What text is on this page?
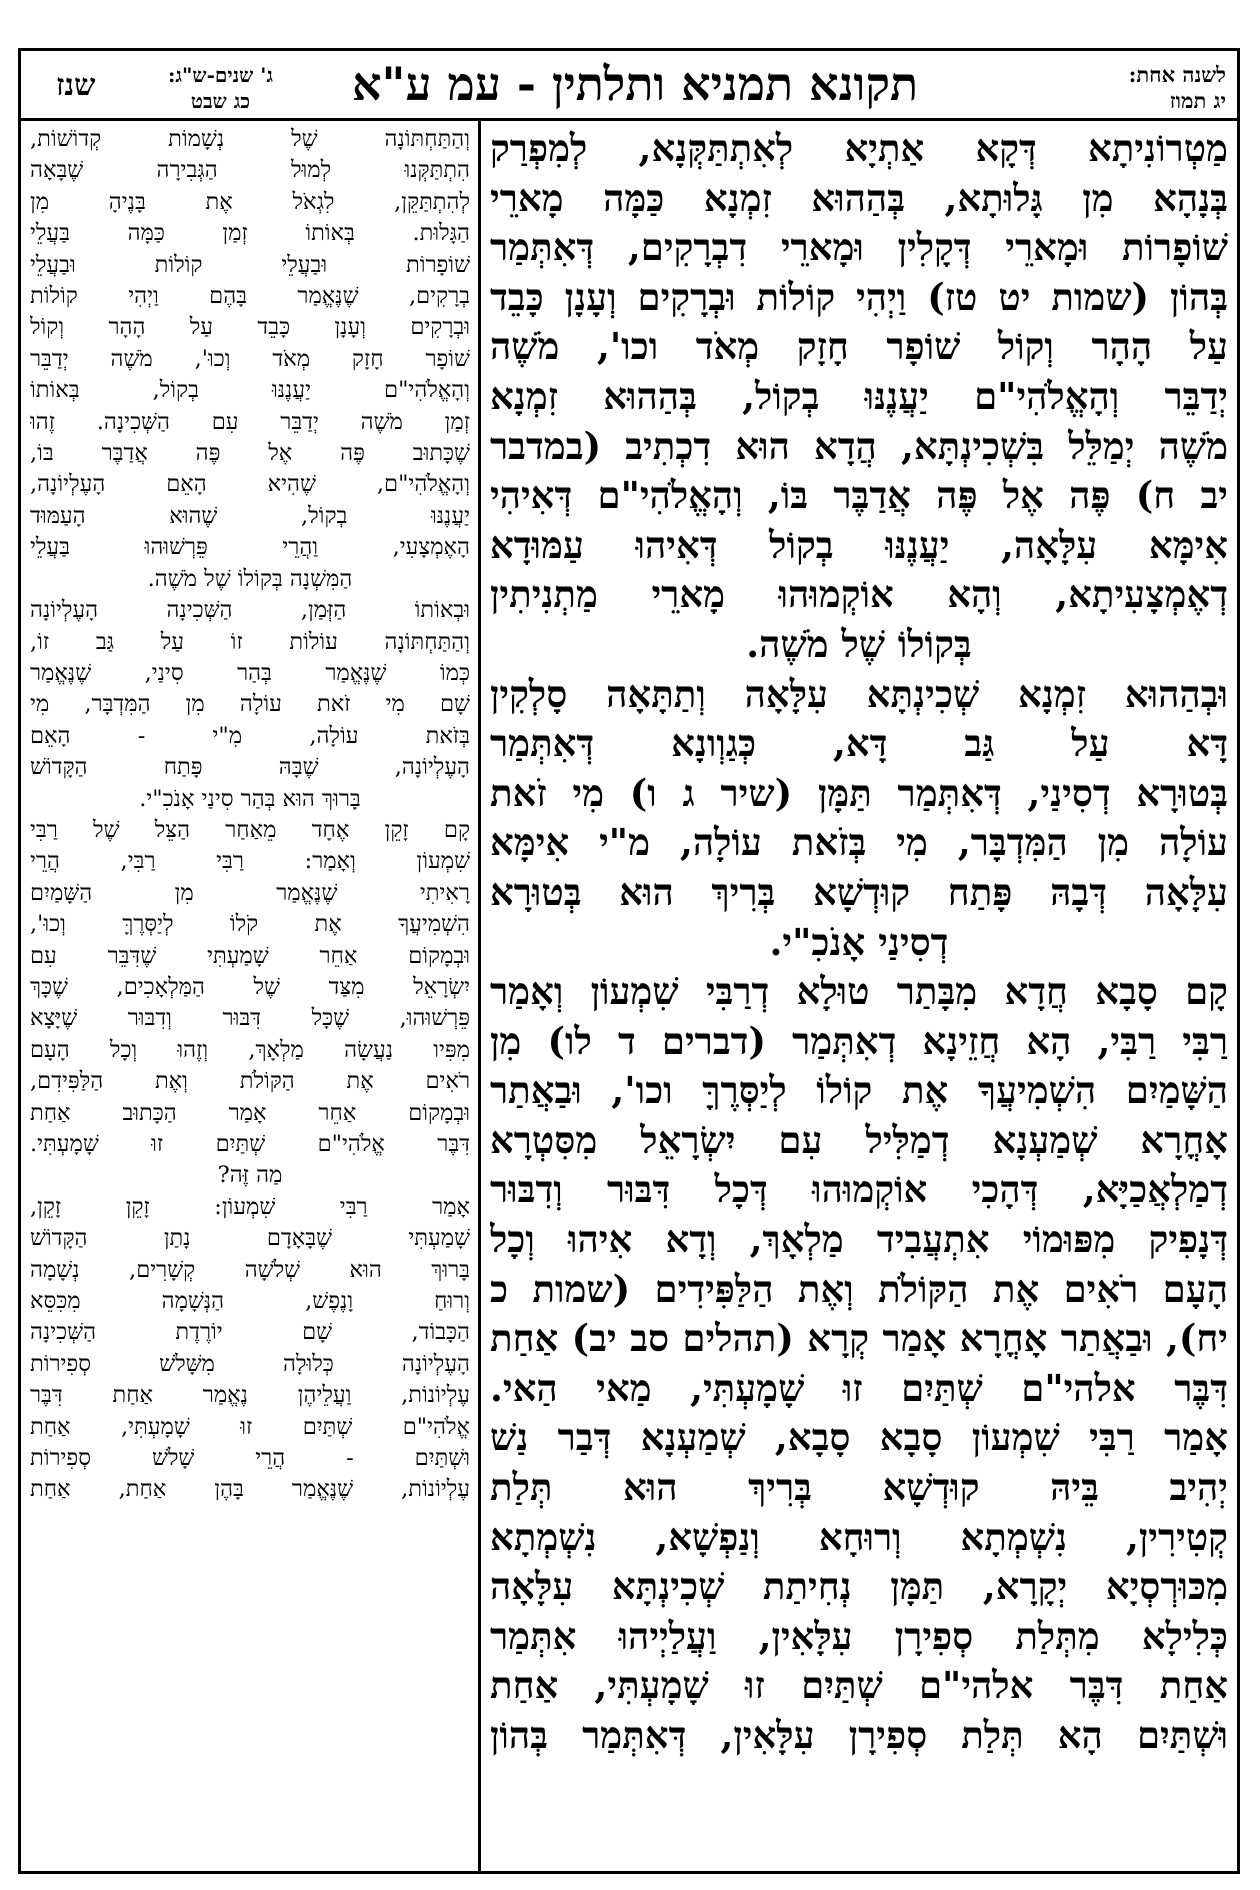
לשנה אחת:
יג תמוז
תקונא תמניא ותלתין - עמ ע"א
ג' שנים-ש"ג:
כג שבט
שנז
מַטְרוֹנִיתָא דְּקָא אַתְיָא לְאִתְתַּקְּנָא, לְמִפְרַק
בְּנָהָא מִן גָּלוּתָא, בְּהַהוּא זִמְנָא כַּמָּה מָארֵי
שׁוֹפָרוֹת וּמָארֵי דְּקָלִין וּמָארֵי דִבְרָקִים, דְּאִתְּמַר
בְּהוֹן (שמות יט טז) וַיְהִי קוֹלוֹת וּבְרָקִים וְעָנָן כָּבֵד
עַל הָהָר וְקוֹל שׁוֹפָר חָזָק מְאֹד וכו', מֹשֶׁה
יְדַבֵּר וְהָאֱלֹהִי"ם יַעֲנֶנּוּ בְקוֹל, בְּהַהוּא זִמְנָא
מֹשֶׁה יְמַלֵּל בִּשְׁכִינְתָּא, הֲדָא הוּא דִכְתִיב (במדבר
יב ח) פֶּה אֶל פֶּה אֲדַבֶּר בּוֹ, וְהָאֱלֹהִי"ם דְּאִיהִי
אִימָּא עִלָּאָה, יַעֲנֶנּוּ בְקוֹל דְּאִיהוּ עַמּוּדָא
דְאֶמְצָעִיתָא, וְהָא אוֹקְמוּהוּ מָארֵי מַתְנִיתִין
בְּקוֹלוֹ שֶׁל מֹשֶׁה.
וּבְהַהוּא זִמְנָא שְׁכִינְתָּא עִלָּאָה וְתַתָּאָה סָלְקִין
דָּא עַל גַּב דָּא, כְּגַוְונָא דְּאִתְּמַר
בְּטוּרָא דְסִינַי, דְּאִתְּמַר תַּמָּן (שיר ג ו) מִי זֹאת
עוֹלָה מִן הַמִּדְבָּר, מִי בְּזֹאת עוֹלָה, מ"י אִימָּא
עִלָּאָה דְּבָהּ פָּתַח קוּדְשָׁא בְּרִיךְ הוּא בְּטוּרָא
דְסִינַי אָנֹכִ"י.
קָם סָבָא חֲדָא מִבָּתַר טוּלָא דְרַבִּי שִׁמְעוֹן וְאָמַר
רַבִּי רַבִּי, הָא חֲזֵינָא דְאִתְּמַר (דברים ד לו) מִן
הַשָּׁמַיִם הִשְׁמִיעֲךָ אֶת קוֹלוֹ לְיַסְּרֶךָּ וכו', וּבַאֲתַר
אָחֳרָא שְׁמַעְנָא דְמַלִּיל עִם יִשְׂרָאֵל מִסִּטְרָא
דְמַלְאֲכַיָּא, דְּהָכִי אוֹקְמוּהוּ דְּכָל דִּבּוּר וְדִבּוּר
דְּנָפִיק מִפּוּמוֹי אִתְעֲבִיד מַלְאָךְ, וְדָא אִיהוּ וְכָל
הָעָם רֹאִים אֶת הַקּוֹלֹת וְאֶת הַלַּפִּידִים (שמות כ
יח), וּבַאֲתַר אָחֳרָא אָמַר קְרָא (תהלים סב יב) אַחַת
דִּבֶּר אלהי"ם שְׁתַּיִם זוּ שָׁמָעְתִּי, מַאי הַאי.
אָמַר רַבִּי שִׁמְעוֹן סָבָא סָבָא, שְׁמַעְנָא דְּבַר נַשׁ
יְהִיב בֵּיהּ קוּדְשָׁא בְּרִיךְ הוּא תְּלַת
קְטִירִין, נִשְׁמְתָא וְרוּחָא וְנַפְשָׁא, נִשְׁמְתָא
מִכּוּרְסְיָא יְקָרָא, תַּמָּן נְחִיתַת שְׁכִינְתָּא עִלָּאָה
כְּלִילָא מִתְּלַת סְפִירָן עִלָּאִין, וַעֲלַיְיהוּ אִתְּמַר
אַחַת דִּבֶּר אלהי"ם שְׁתַּיִם זוּ שָׁמָעְתִּי, אַחַת
וּשְׁתַּיִם הָא תְּלַת סְפִירָן עִלָּאִין, דְּאִתְּמַר בְּהוֹן
וְהַתַּחְתּוֹנָה שֶׁל נְשָׁמוֹת קְדוֹשׁוֹת,
הִתְתַּקְּנוּ לְמוּל הַגְּבִירָה שֶׁבָּאָה
לְהִתְתַּקֵּן, לִגְאֹל אֶת בָּנֶיהָ מִן
הַגָּלוּת. בְּאוֹתוֹ זְמַן כַּמָּה בַּעֲלֵי
שׁוֹפָרוֹת וּבַעֲלֵי קוֹלוֹת וּבַעֲלֵי
בְרָקִים, שֶׁנֶּאֱמַר בָּהֶם וַיְהִי קוֹלוֹת
וּבְרָקִים וְעָנָן כָּבֵד עַל הָהָר וְקוֹל
שׁוֹפָר חָזָק מְאֹד וְכוּ', מֹשֶׁה יְדַבֵּר
וְהָאֱלֹהִי"ם יַעֲנֶנּוּ בְקוֹל, בְּאוֹתוֹ
זְמַן מֹשֶׁה יְדַבֵּר עִם הַשְּׁכִינָה. זֶהוּ
שֶׁכָּתוּב פֶּה אֶל פֶּה אֲדַבֶּר בּוֹ,
וְהָאֱלֹהִי"ם, שֶׁהִיא הָאֵם הָעֶלְיוֹנָה,
יַעֲנֶנּוּ בְקוֹל, שֶׁהוּא הָעַמּוּד
הָאֶמְצָעִי, וַהֲרֵי פֵּרְשׁוּהוּ בַּעֲלֵי
הַמִּשְׁנָה בְּקוֹלוֹ שֶׁל מֹשֶׁה.
וּבְאוֹתוֹ הַזְּמַן, הַשְּׁכִינָה הָעֶלְיוֹנָה
וְהַתַּחְתּוֹנָה עוֹלוֹת זוֹ עַל גַּב זוֹ,
כְּמוֹ שֶׁנֶּאֱמַר בְּהַר סִינַי, שֶׁנֶּאֱמַר
שָׁם מִי זֹאת עוֹלָה מִן הַמִּדְבָּר, מִי
בְּזֹאת עוֹלָה, מִ"י - הָאֵם
הָעֶלְיוֹנָה, שֶׁבָּהּ פָּתַח הַקָּדוֹשׁ
בָּרוּךְ הוּא בְּהַר סִינַי אָנֹכִ"י.
קָם זָקֵן אֶחָד מֵאַחַר הַצֵּל שֶׁל רַבִּי
שִׁמְעוֹן וְאָמַר: רַבִּי רַבִּי, הֲרֵי
רָאִיתִי שֶׁנֶּאֱמַר מִן הַשָּׁמַיִם
הִשְׁמִיעֲךָ אֶת קֹלוֹ לְיַסְּרֶךָּ וְכוּ',
וּבְמָקוֹם אַחֵר שָׁמַעְתִּי שֶׁדִּבֵּר עִם
יִשְׂרָאֵל מִצַּד שֶׁל הַמַּלְאָכִים, שֶׁכָּךְ
פֵּרְשׁוּהוּ, שֶׁכָּל דִּבּוּר וְדִבּוּר שֶׁיָּצָא
מִפִּיו נַעֲשָׂה מַלְאָךְ, וְזֶהוּ וְכָל הָעָם
רֹאִים אֶת הַקּוֹלֹת וְאֶת הַלַּפִּידִם,
וּבְמָקוֹם אַחֵר אָמַר הַכָּתוּב אַחַת
דִּבֶּר אֱלֹהִי"ם שְׁתַּיִם זוּ שָׁמָעְתִּי.
מַה זֶּה?
אָמַר רַבִּי שִׁמְעוֹן: זָקֵן זָקֵן,
שָׁמַעְתִּי שֶׁבָּאָדָם נָתַן הַקָּדוֹשׁ
בָּרוּךְ הוּא שְׁלֹשָׁה קְשָׁרִים, נְשָׁמָה
וְרוּחַ וָנֶפֶשׁ, הַנְּשָׁמָה מִכִּסֵּא
הַכָּבוֹד, שָׁם יוֹרֶדֶת הַשְּׁכִינָה
הָעֶלְיוֹנָה כְּלוּלָה מִשָּׁלֹשׁ סְפִירוֹת
עֶלְיוֹנוֹת, וַעֲלֵיהֶן נֶאֱמַר אַחַת דִּבֶּר
אֱלֹהִי"ם שְׁתַּיִם זוּ שָׁמָעְתִּי, אַחַת
וּשְׁתַּיִם - הֲרֵי שָׁלֹשׁ סְפִירוֹת
עֶלְיוֹנוֹת, שֶׁנֶּאֱמַר בָּהֶן אַחַת, אַחַת
